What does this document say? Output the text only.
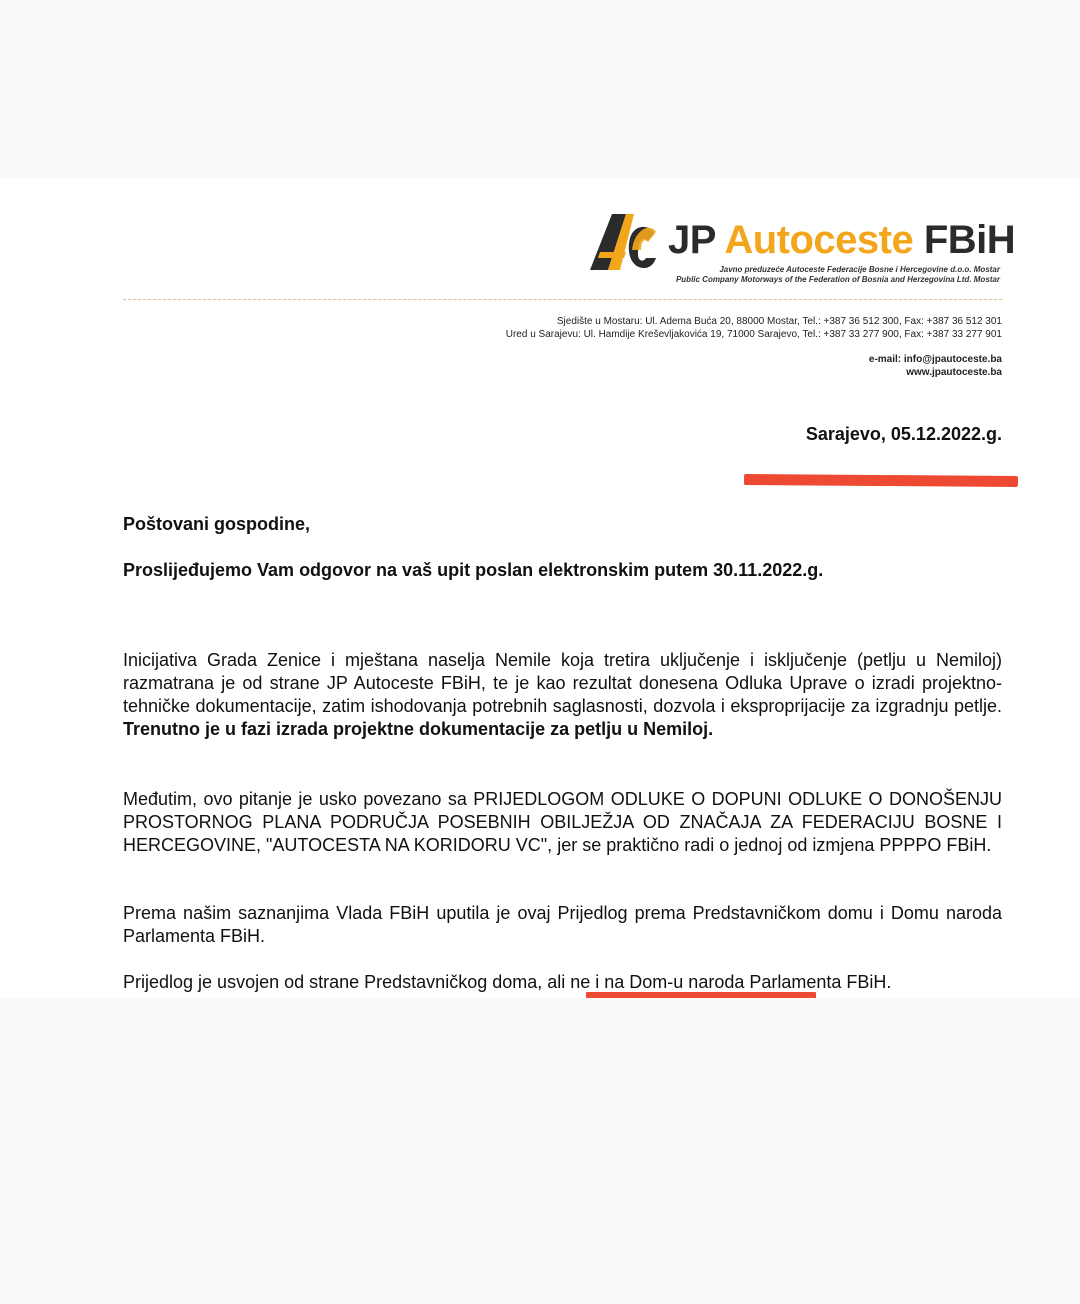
JP Autoceste FBiH
Javno preduzeće Autoceste Federacije Bosne i Hercegovine d.o.o. Mostar
Public Company Motorways of the Federation of Bosnia and Herzegovina Ltd. Mostar
Sjedište u Mostaru: Ul. Adema Buća 20, 88000 Mostar, Tel.: +387 36 512 300, Fax: +387 36 512 301
Ured u Sarajevu: Ul. Hamdije Kreševljakovića 19, 71000 Sarajevo, Tel.: +387 33 277 900, Fax: +387 33 277 901
e-mail: info@jpautoceste.ba
www.jpautoceste.ba
Sarajevo, 05.12.2022.g.
Poštovani gospodine,
Proslijeđujemo Vam odgovor na vaš upit poslan elektronskim putem 30.11.2022.g.

Inicijativa Grada Zenice i mještana naselja Nemile koja tretira uključenje i isključenje (petlju u Nemiloj) razmatrana je od strane JP Autoceste FBiH, te je kao rezultat donesena Odluka Uprave o izradi projektno-tehničke dokumentacije, zatim ishodovanja potrebnih saglasnosti, dozvola i eksproprijacije za izgradnju petlje. Trenutno je u fazi izrada projektne dokumentacije za petlju u Nemiloj.

Međutim, ovo pitanje je usko povezano sa PRIJEDLOGOM ODLUKE O DOPUNI ODLUKE O DONOŠENJU PROSTORNOG PLANA PODRUČJA POSEBNIH OBILJEŽJA OD ZNAČAJA ZA FEDERACIJU BOSNE I HERCEGOVINE, "AUTOCESTA NA KORIDORU VC", jer se praktično radi o jednoj od izmjena PPPPO FBiH.

Prema našim saznanjima Vlada FBiH uputila je ovaj Prijedlog prema Predstavničkom domu i Domu naroda Parlamenta FBiH.

Prijedlog je usvojen od strane Predstavničkog doma, ali ne i na Dom-u naroda Parlamenta FBiH.
